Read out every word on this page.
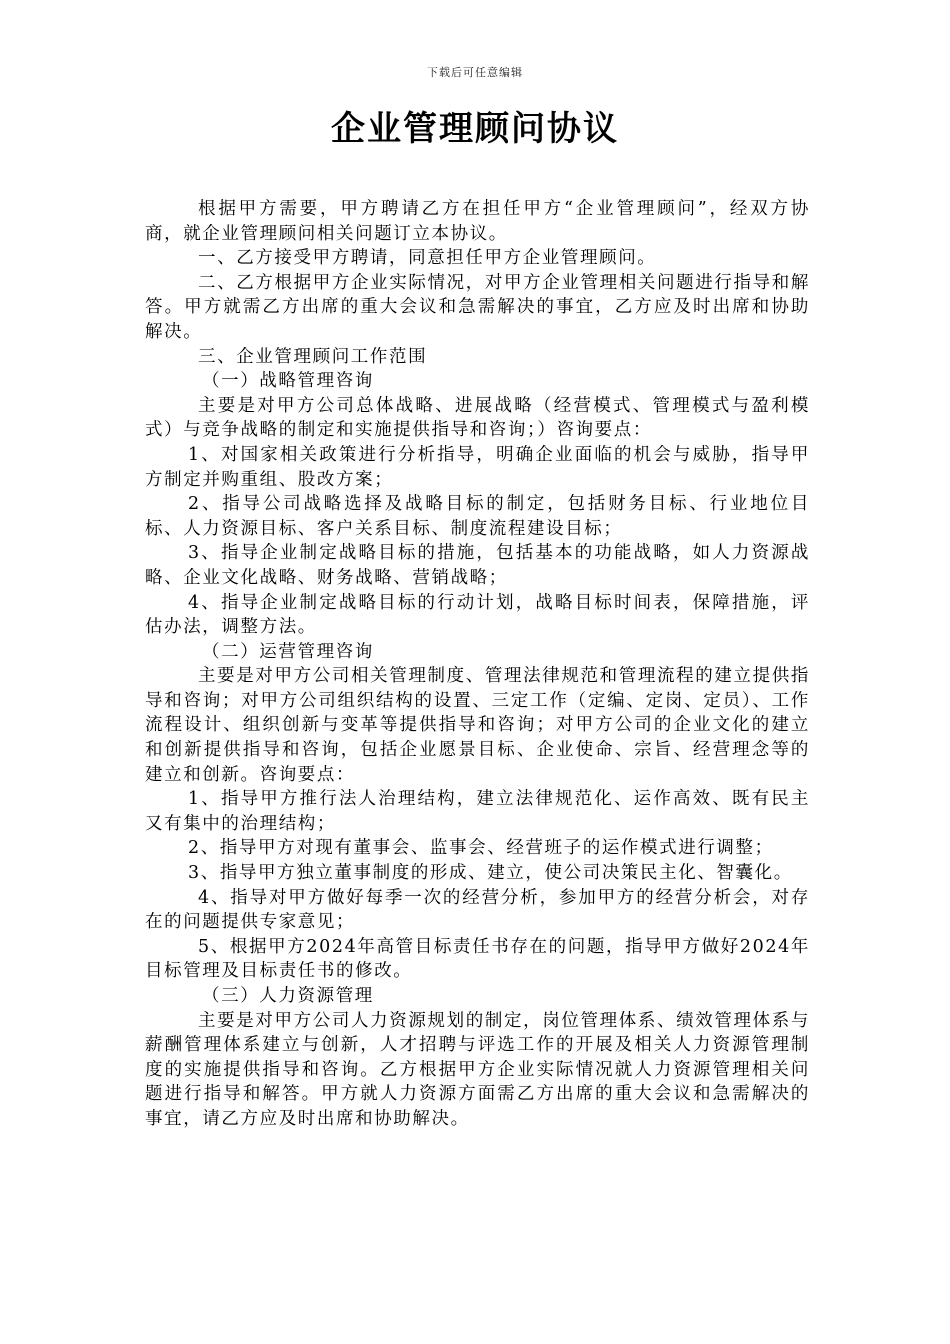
下载后可任意编辑
企业管理顾问协议

根据甲方需要，甲方聘请乙方在担任甲方“企业管理顾问”，经双方协商，就企业管理顾问相关问题订立本协议。

一、乙方接受甲方聘请，同意担任甲方企业管理顾问。

二、乙方根据甲方企业实际情况，对甲方企业管理相关问题进行指导和解答。甲方就需乙方出席的重大会议和急需解决的事宜，乙方应及时出席和协助解决。

三、企业管理顾问工作范围

（一）战略管理咨询

主要是对甲方公司总体战略、进展战略（经营模式、管理模式与盈利模式）与竞争战略的制定和实施提供指导和咨询；）咨询要点：

1、对国家相关政策进行分析指导，明确企业面临的机会与威胁，指导甲方制定并购重组、股改方案；

2、指导公司战略选择及战略目标的制定，包括财务目标、行业地位目标、人力资源目标、客户关系目标、制度流程建设目标；

3、指导企业制定战略目标的措施，包括基本的功能战略，如人力资源战略、企业文化战略、财务战略、营销战略；

4、指导企业制定战略目标的行动计划，战略目标时间表，保障措施，评估办法，调整方法。

（二）运营管理咨询

主要是对甲方公司相关管理制度、管理法律规范和管理流程的建立提供指导和咨询；对甲方公司组织结构的设置、三定工作（定编、定岗、定员）、工作流程设计、组织创新与变革等提供指导和咨询；对甲方公司的企业文化的建立和创新提供指导和咨询，包括企业愿景目标、企业使命、宗旨、经营理念等的建立和创新。咨询要点：

1、指导甲方推行法人治理结构，建立法律规范化、运作高效、既有民主又有集中的治理结构；

2、指导甲方对现有董事会、监事会、经营班子的运作模式进行调整；

3、指导甲方独立董事制度的形成、建立，使公司决策民主化、智囊化。

4、指导对甲方做好每季一次的经营分析，参加甲方的经营分析会，对存在的问题提供专家意见；

5、根据甲方2024年高管目标责任书存在的问题，指导甲方做好2024年目标管理及目标责任书的修改。

（三）人力资源管理

主要是对甲方公司人力资源规划的制定，岗位管理体系、绩效管理体系与薪酬管理体系建立与创新，人才招聘与评选工作的开展及相关人力资源管理制度的实施提供指导和咨询。乙方根据甲方企业实际情况就人力资源管理相关问题进行指导和解答。甲方就人力资源方面需乙方出席的重大会议和急需解决的事宜，请乙方应及时出席和协助解决。
